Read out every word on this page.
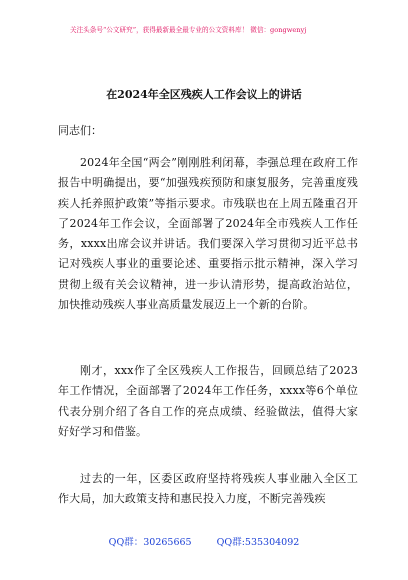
关注头条号“公文研究”，获得最新最全最专业的公文资料库！ 微信：gongwenyj
在2024年全区残疾人工作会议上的讲话
同志们：

2024年全国“两会”刚刚胜利闭幕，李强总理在政府工作报告中明确提出，要“加强残疾预防和康复服务，完善重度残疾人托养照护政策”等指示要求。市残联也在上周五隆重召开了2024年工作会议，全面部署了2024年全市残疾人工作任务，xxxx出席会议并讲话。我们要深入学习贯彻习近平总书记对残疾人事业的重要论述、重要指示批示精神，深入学习贯彻上级有关会议精神，进一步认清形势，提高政治站位，加快推动残疾人事业高质量发展迈上一个新的台阶。

刚才，xxx作了全区残疾人工作报告，回顾总结了2023年工作情况，全面部署了2024年工作任务，xxxx等6个单位代表分别介绍了各自工作的亮点成绩、经验做法，值得大家好好学习和借鉴。

过去的一年，区委区政府坚持将残疾人事业融入全区工作大局，加大政策支持和惠民投入力度，不断完善残疾

QQ群：30265665	QQ群:535304092
